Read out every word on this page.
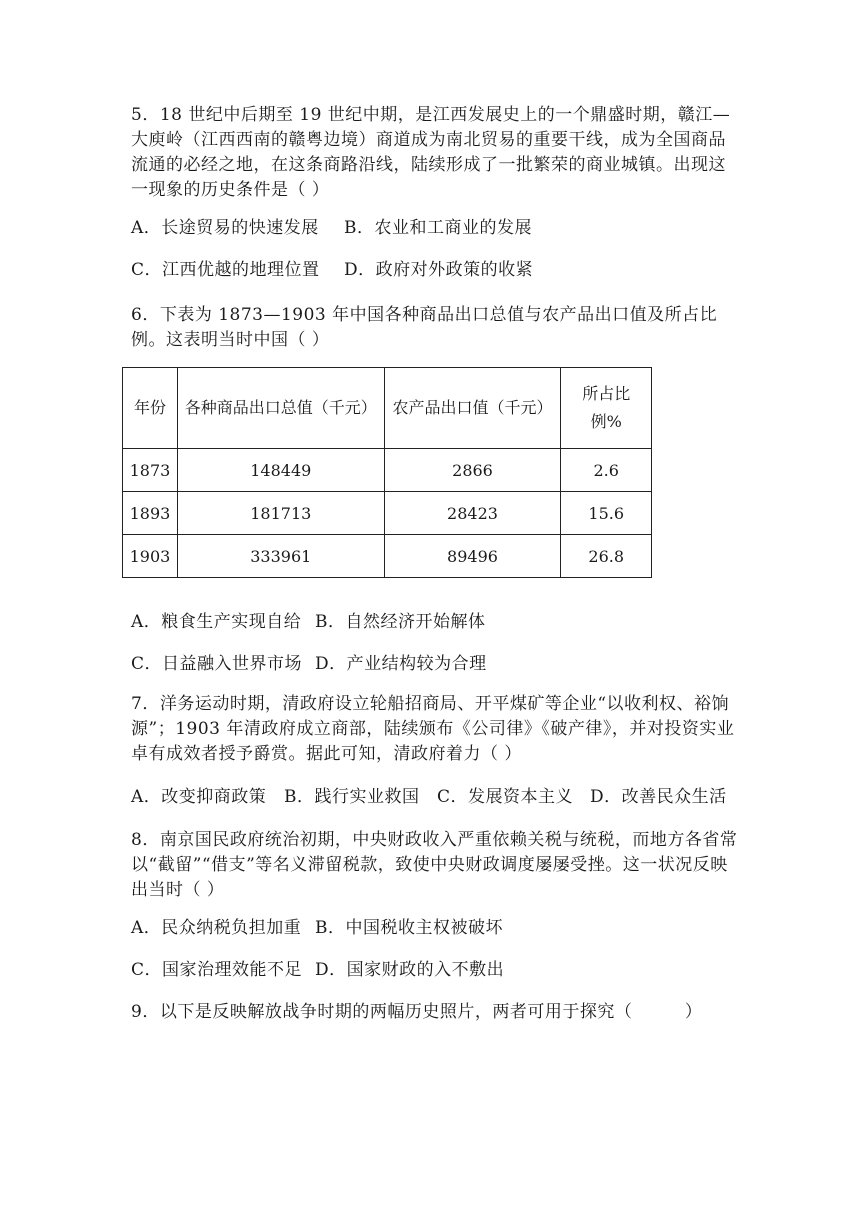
5．18 世纪中后期至 19 世纪中期，是江西发展史上的一个鼎盛时期，赣江—大庾岭（江西西南的赣粤边境）商道成为南北贸易的重要干线，成为全国商品流通的必经之地，在这条商路沿线，陆续形成了一批繁荣的商业城镇。出现这一现象的历史条件是（ ）
A．长途贸易的快速发展 B．农业和工商业的发展
C．江西优越的地理位置 D．政府对外政策的收紧
6．下表为 1873—1903 年中国各种商品出口总值与农产品出口值及所占比例。这表明当时中国（ ）
年份	各种商品出口总值（千元）	农产品出口值（千元）	所占比例%
1873	148449	2866	2.6
1893	181713	28423	15.6
1903	333961	89496	26.8
A．粮食生产实现自给 B．自然经济开始解体
C．日益融入世界市场 D．产业结构较为合理
7．洋务运动时期，清政府设立轮船招商局、开平煤矿等企业“以收利权、裕饷源”；1903 年清政府成立商部，陆续颁布《公司律》《破产律》，并对投资实业卓有成效者授予爵赏。据此可知，清政府着力（ ）
A．改变抑商政策 B．践行实业救国 C．发展资本主义 D．改善民众生活
8．南京国民政府统治初期，中央财政收入严重依赖关税与统税，而地方各省常以“截留”“借支”等名义滞留税款，致使中央财政调度屡屡受挫。这一状况反映出当时（ ）
A．民众纳税负担加重 B．中国税收主权被破坏
C．国家治理效能不足 D．国家财政的入不敷出
9．以下是反映解放战争时期的两幅历史照片，两者可用于探究（　　　）
